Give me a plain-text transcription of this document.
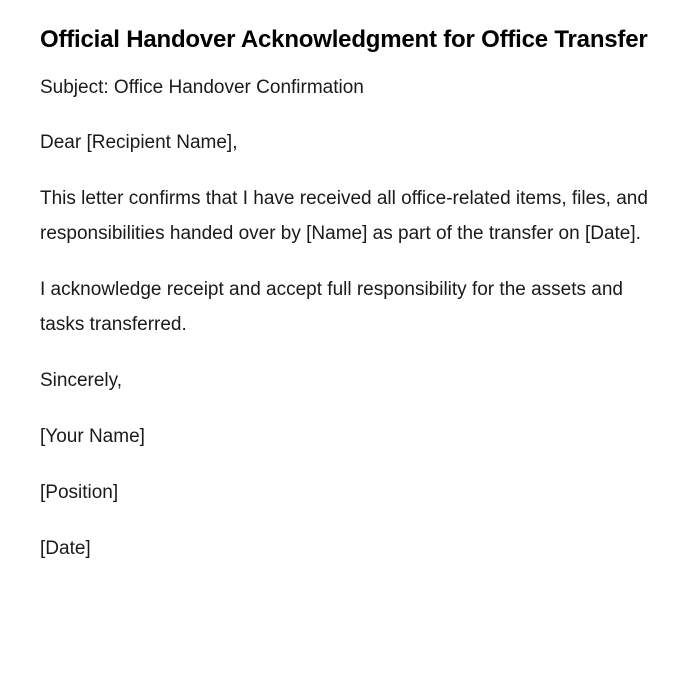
Official Handover Acknowledgment for Office Transfer

Subject: Office Handover Confirmation

Dear [Recipient Name],

This letter confirms that I have received all office-related items, files, and responsibilities handed over by [Name] as part of the transfer on [Date].

I acknowledge receipt and accept full responsibility for the assets and tasks transferred.

Sincerely,

[Your Name]

[Position]

[Date]
